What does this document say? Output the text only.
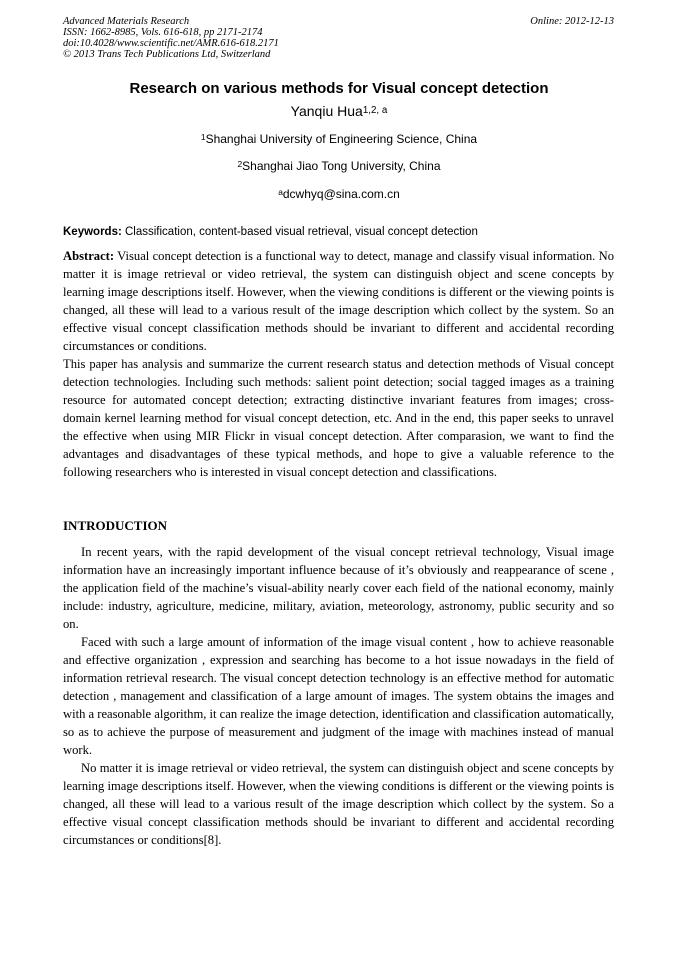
Advanced Materials Research
ISSN: 1662-8985, Vols. 616-618, pp 2171-2174
doi:10.4028/www.scientific.net/AMR.616-618.2171
© 2013 Trans Tech Publications Ltd, Switzerland
Online: 2012-12-13
Research on various methods for Visual concept detection
Yanqiu Hua$^{1,2, a}$
$^1$Shanghai University of Engineering Science, China
$^2$Shanghai Jiao Tong University, China
$^a$dcwhyq@sina.com.cn
Keywords: Classification, content-based visual retrieval, visual concept detection

Abstract: Visual concept detection is a functional way to detect, manage and classify visual information. No matter it is image retrieval or video retrieval, the system can distinguish object and scene concepts by learning image descriptions itself. However, when the viewing conditions is different or the viewing points is changed, all these will lead to a various result of the image description which collect by the system. So an effective visual concept classification methods should be invariant to different and accidental recording circumstances or conditions.

This paper has analysis and summarize the current research status and detection methods of Visual concept detection technologies. Including such methods: salient point detection; social tagged images as a training resource for automated concept detection; extracting distinctive invariant features from images; cross-domain kernel learning method for visual concept detection, etc. And in the end, this paper seeks to unravel the effective when using MIR Flickr in visual concept detection. After comparasion, we want to find the advantages and disadvantages of these typical methods, and hope to give a valuable reference to the following researchers who is interested in visual concept detection and classifications.

INTRODUCTION

In recent years, with the rapid development of the visual concept retrieval technology, Visual image information have an increasingly important influence because of it’s obviously and reappearance of scene , the application field of the machine’s visual-ability nearly cover each field of the national economy, mainly include: industry, agriculture, medicine, military, aviation, meteorology, astronomy, public security and so on.

Faced with such a large amount of information of the image visual content , how to achieve reasonable and effective organization , expression and searching has become to a hot issue nowadays in the field of information retrieval research. The visual concept detection technology is an effective method for automatic detection , management and classification of a large amount of images. The system obtains the images and with a reasonable algorithm, it can realize the image detection, identification and classification automatically, so as to achieve the purpose of measurement and judgment of the image with machines instead of manual work.

No matter it is image retrieval or video retrieval, the system can distinguish object and scene concepts by learning image descriptions itself. However, when the viewing conditions is different or the viewing points is changed, all these will lead to a various result of the image description which collect by the system. So a effective visual concept classification methods should be invariant to different and accidental recording circumstances or conditions[8].
